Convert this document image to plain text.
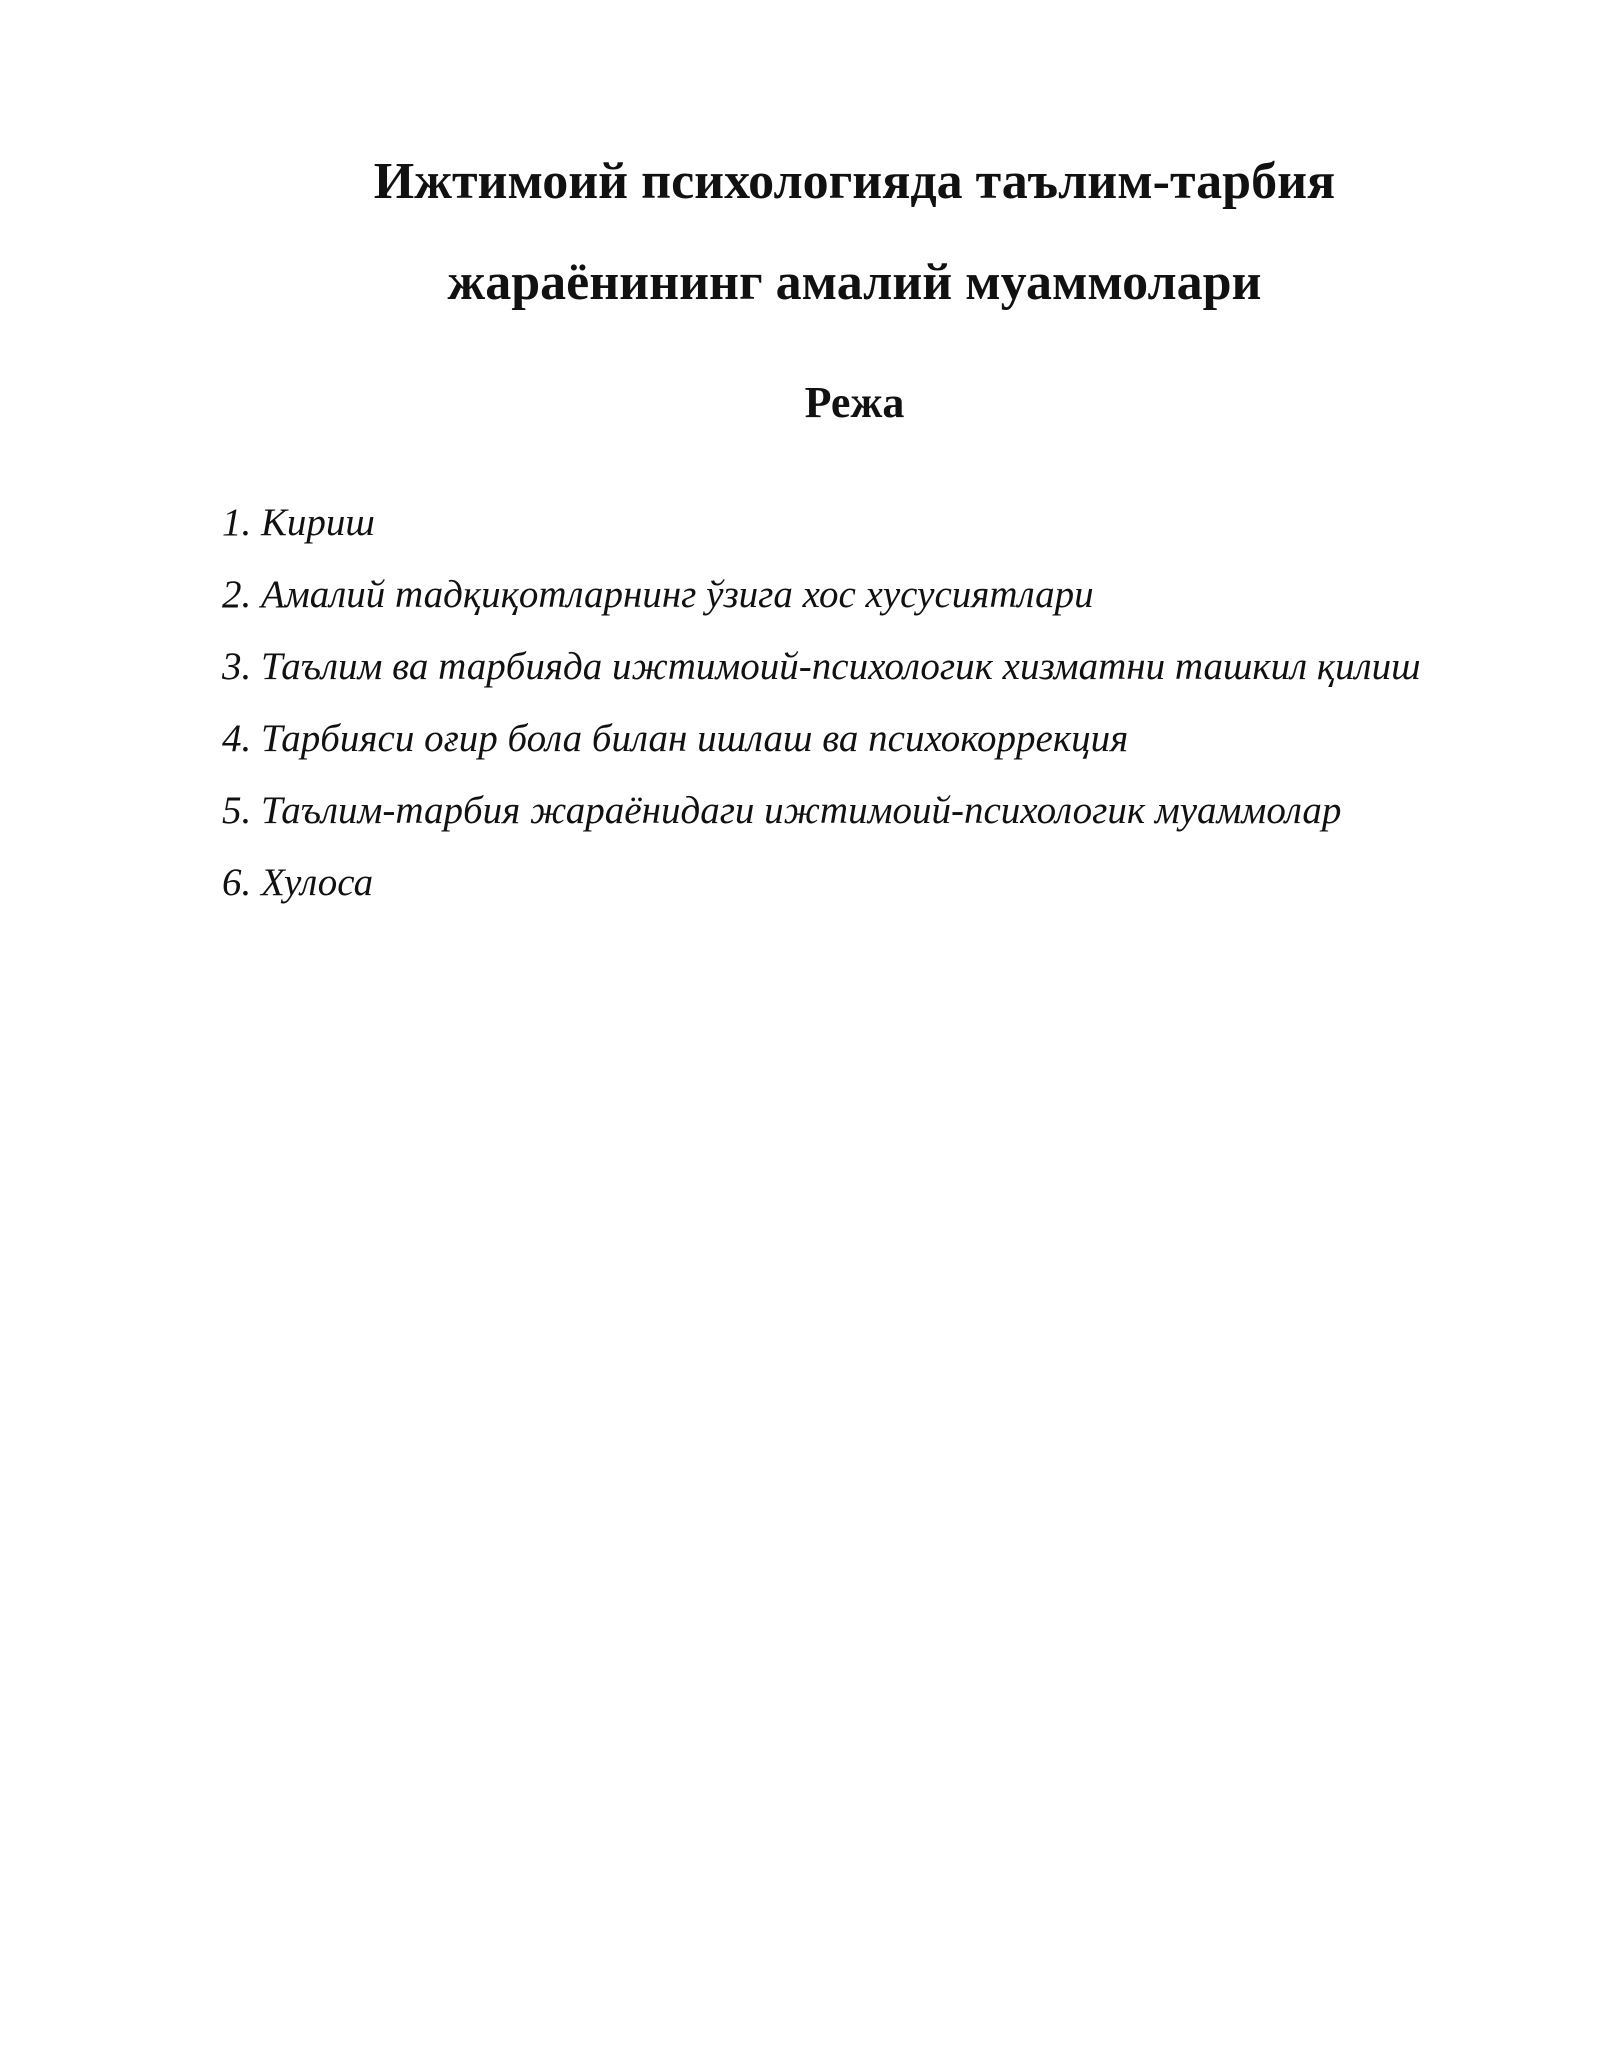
Ижтимоий психологияда таълим-тарбия
жараёнининг амалий муаммолари
Режа
1. Кириш
2. Амалий тадқиқотларнинг ўзига хос хусусиятлари
3. Таълим ва тарбияда ижтимоий-психологик хизматни ташкил қилиш
4. Тарбияси оғир бола билан ишлаш ва психокоррекция
5. Таълим-тарбия жараёнидаги ижтимоий-психологик муаммолар
6. Хулоса
